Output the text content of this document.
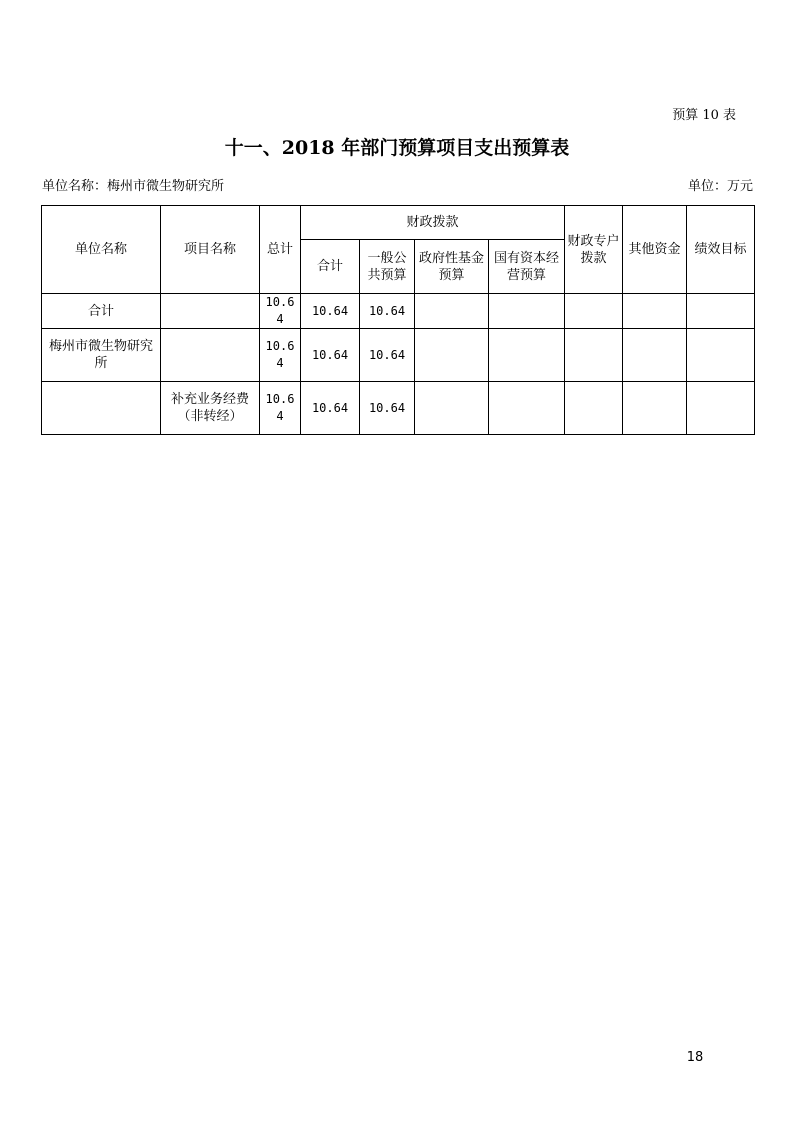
预算 10 表
十一、2018 年部门预算项目支出预算表
单位名称：梅州市微生物研究所	单位：万元
单位名称	项目名称	总计	财政拨款				财政专户拨款	其他资金	绩效目标
			合计	一般公共预算	政府性基金预算	国有资本经营预算			
合计		10.64	10.64	10.64					
梅州市微生物研究所		10.64	10.64	10.64					
	补充业务经费（非转经）	10.64	10.64	10.64					
18
